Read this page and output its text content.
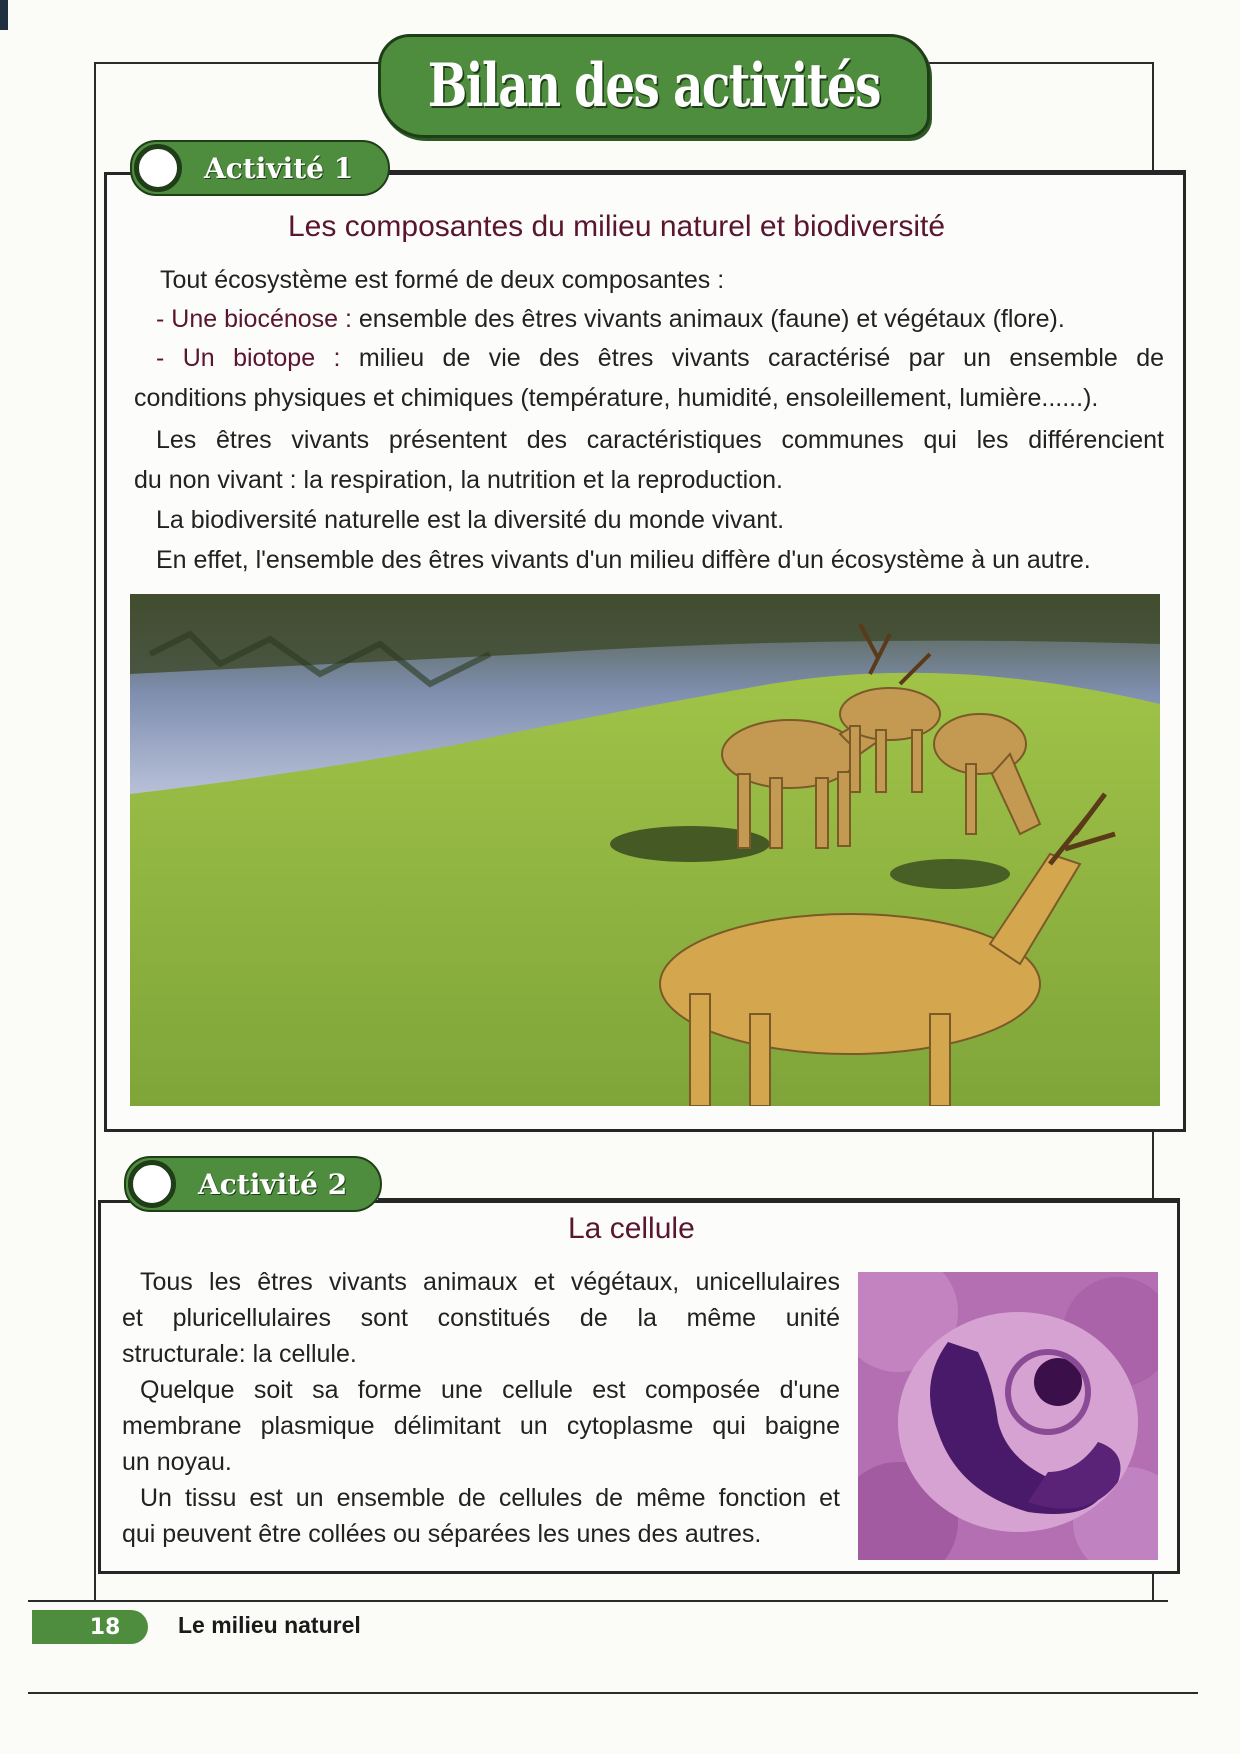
Bilan des activités
Activité 1
Les composantes du milieu naturel et biodiversité

Tout écosystème est formé de deux composantes :

- Une biocénose : ensemble des êtres vivants animaux (faune) et végétaux (flore).

- Un biotope : milieu de vie des êtres vivants caractérisé par un ensemble de

conditions physiques et chimiques (température, humidité, ensoleillement, lumière......).

Les êtres vivants présentent des caractéristiques communes qui les différencient

du non vivant : la respiration, la nutrition et la reproduction.

La biodiversité naturelle est la diversité du monde vivant.

En effet, l'ensemble des êtres vivants d'un milieu diffère d'un écosystème à un autre.

Activité 2
La cellule

Tous les êtres vivants animaux et végétaux, unicellulaires

et pluricellulaires sont constitués de la même unité

structurale: la cellule.

Quelque soit sa forme une cellule est composée d'une

membrane plasmique délimitant un cytoplasme qui baigne

un noyau.

Un tissu est un ensemble de cellules de même fonction et

qui peuvent être collées ou séparées les unes des autres.

18	Le milieu naturel
